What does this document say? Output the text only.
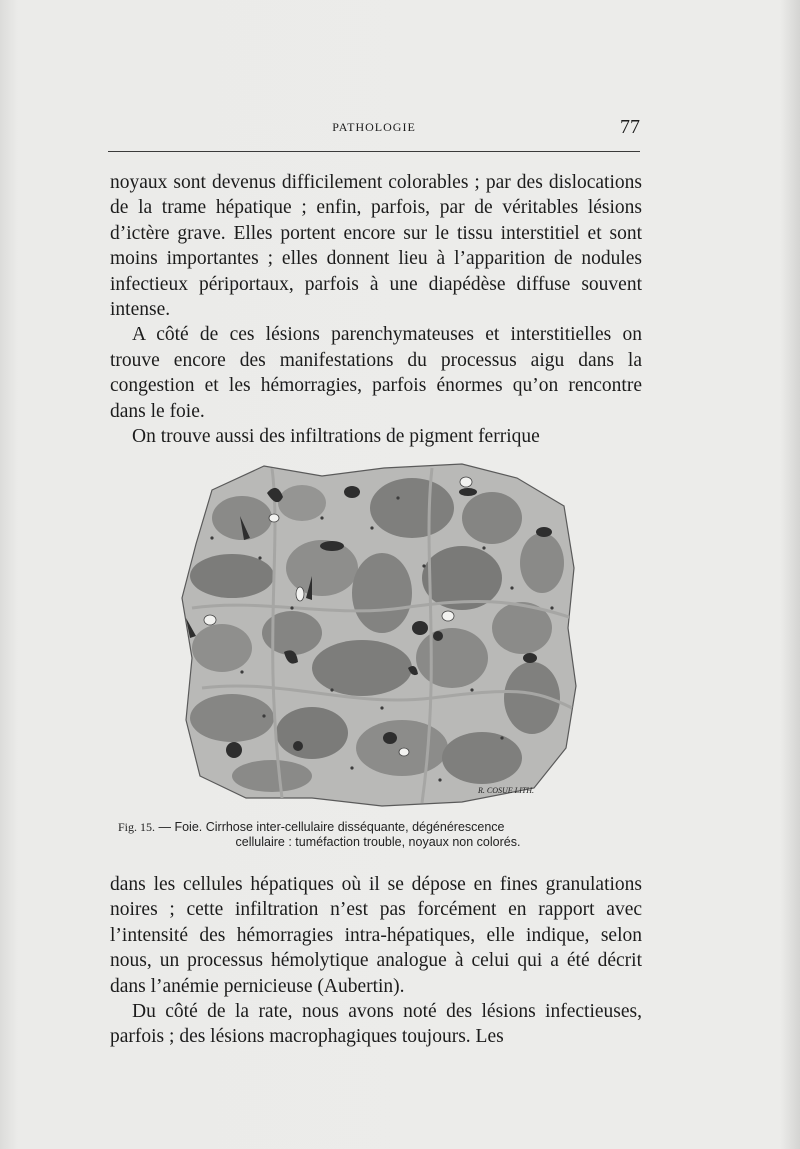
PATHOLOGIE	77

noyaux sont devenus difficilement colorables ; par des dislocations de la trame hépatique ; enfin, parfois, par de véritables lésions d’ictère grave. Elles portent encore sur le tissu interstitiel et sont moins importantes ; elles donnent lieu à l’apparition de nodules infectieux périportaux, parfois à une diapédèse diffuse souvent intense.

A côté de ces lésions parenchymateuses et interstitielles on trouve encore des manifestations du processus aigu dans la congestion et les hémorragies, parfois énormes qu’on rencontre dans le foie.

On trouve aussi des infiltrations de pigment ferrique

R. COSUE LITH.
Fig. 15. — Foie. Cirrhose inter-cellulaire disséquante, dégénérescence
cellulaire : tuméfaction trouble, noyaux non colorés.

dans les cellules hépatiques où il se dépose en fines granulations noires ; cette infiltration n’est pas forcément en rapport avec l’intensité des hémorragies intra-hépatiques, elle indique, selon nous, un processus hémolytique analogue à celui qui a été décrit dans l’anémie pernicieuse (Aubertin).

Du côté de la rate, nous avons noté des lésions infectieuses, parfois ; des lésions macrophagiques toujours. Les
